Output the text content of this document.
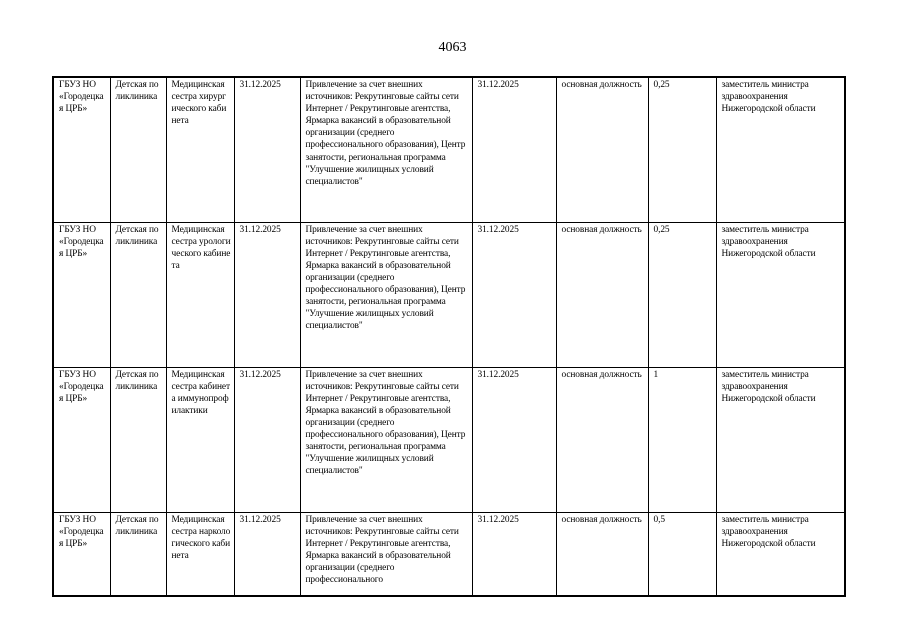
4063
ГБУЗ НО «Городецкая ЦРБ»	Детская поликлиника	Медицинская сестра хирургического кабинета	31.12.2025	Привлечение за счет внешних источников: Рекрутинговые сайты сети Интернет / Рекрутинговые агентства, Ярмарка вакансий в образовательной организации (среднего профессионального образования), Центр занятости, региональная программа "Улучшение жилищных условий специалистов"	31.12.2025	основная должность	0,25	заместитель министра здравоохранения Нижегородской области
ГБУЗ НО «Городецкая ЦРБ»	Детская поликлиника	Медицинская сестра урологического кабинета	31.12.2025	Привлечение за счет внешних источников: Рекрутинговые сайты сети Интернет / Рекрутинговые агентства, Ярмарка вакансий в образовательной организации (среднего профессионального образования), Центр занятости, региональная программа "Улучшение жилищных условий специалистов"	31.12.2025	основная должность	0,25	заместитель министра здравоохранения Нижегородской области
ГБУЗ НО «Городецкая ЦРБ»	Детская поликлиника	Медицинская сестра кабинета иммунопрофилактики	31.12.2025	Привлечение за счет внешних источников: Рекрутинговые сайты сети Интернет / Рекрутинговые агентства, Ярмарка вакансий в образовательной организации (среднего профессионального образования), Центр занятости, региональная программа "Улучшение жилищных условий специалистов"	31.12.2025	основная должность	1	заместитель министра здравоохранения Нижегородской области
ГБУЗ НО «Городецкая ЦРБ»	Детская поликлиника	Медицинская сестра наркологического кабинета	31.12.2025	Привлечение за счет внешних источников: Рекрутинговые сайты сети Интернет / Рекрутинговые агентства, Ярмарка вакансий в образовательной организации (среднего профессионального	31.12.2025	основная должность	0,5	заместитель министра здравоохранения Нижегородской области
